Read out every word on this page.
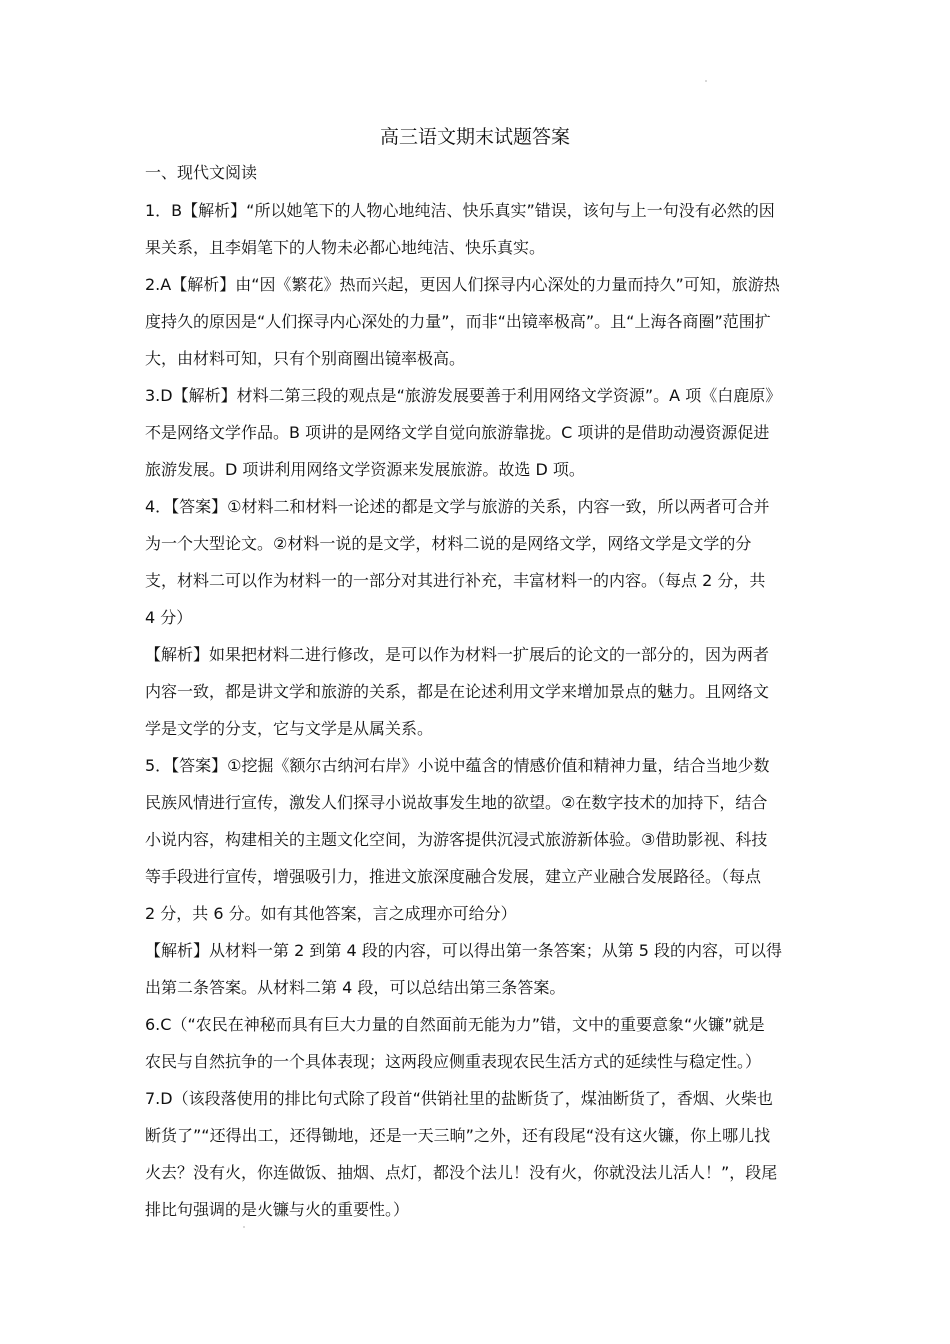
高三语文期末试题答案
一、现代文阅读
1．B【解析】“所以她笔下的人物心地纯洁、快乐真实”错误，该句与上一句没有必然的因
果关系，且李娟笔下的人物未必都心地纯洁、快乐真实。
2.A【解析】由“因《繁花》热而兴起，更因人们探寻内心深处的力量而持久”可知，旅游热
度持久的原因是“人们探寻内心深处的力量”，而非“出镜率极高”。且“上海各商圈”范围扩
大，由材料可知，只有个别商圈出镜率极高。
3.D【解析】材料二第三段的观点是“旅游发展要善于利用网络文学资源”。A 项《白鹿原》
不是网络文学作品。B 项讲的是网络文学自觉向旅游靠拢。C 项讲的是借助动漫资源促进
旅游发展。D 项讲利用网络文学资源来发展旅游。故选 D 项。
4．【答案】①材料二和材料一论述的都是文学与旅游的关系，内容一致，所以两者可合并
为一个大型论文。②材料一说的是文学，材料二说的是网络文学，网络文学是文学的分
支，材料二可以作为材料一的一部分对其进行补充，丰富材料一的内容。（每点 2 分，共
4 分）
【解析】如果把材料二进行修改，是可以作为材料一扩展后的论文的一部分的，因为两者
内容一致，都是讲文学和旅游的关系，都是在论述利用文学来增加景点的魅力。且网络文
学是文学的分支，它与文学是从属关系。
5．【答案】①挖掘《额尔古纳河右岸》小说中蕴含的情感价值和精神力量，结合当地少数
民族风情进行宣传，激发人们探寻小说故事发生地的欲望。②在数字技术的加持下，结合
小说内容，构建相关的主题文化空间，为游客提供沉浸式旅游新体验。③借助影视、科技
等手段进行宣传，增强吸引力，推进文旅深度融合发展，建立产业融合发展路径。（每点
2 分，共 6 分。如有其他答案，言之成理亦可给分）
【解析】从材料一第 2 到第 4 段的内容，可以得出第一条答案；从第 5 段的内容，可以得
出第二条答案。从材料二第 4 段，可以总结出第三条答案。
6.C（“农民在神秘而具有巨大力量的自然面前无能为力”错，文中的重要意象“火镰”就是
农民与自然抗争的一个具体表现；这两段应侧重表现农民生活方式的延续性与稳定性。）
7.D（该段落使用的排比句式除了段首“供销社里的盐断货了，煤油断货了，香烟、火柴也
断货了”“还得出工，还得锄地，还是一天三晌”之外，还有段尾“没有这火镰，你上哪儿找
火去？没有火，你连做饭、抽烟、点灯，都没个法儿！没有火，你就没法儿活人！”，段尾
排比句强调的是火镰与火的重要性。）
